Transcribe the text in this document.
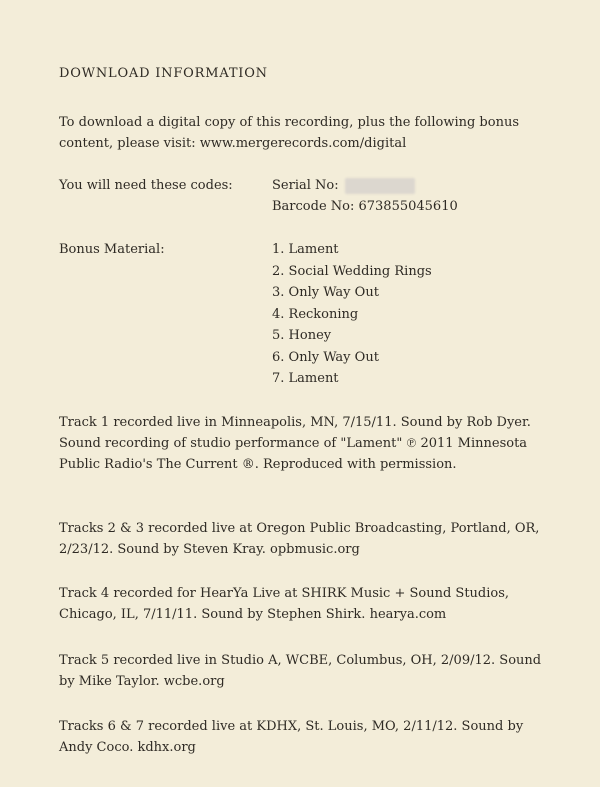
DOWNLOAD INFORMATION
To download a digital copy of this recording, plus the following bonus content, please visit: www.mergerecords.com/digital
You will need these codes:	Serial No:
Barcode No: 673855045610
Bonus Material:	1. Lament
2. Social Wedding Rings
3. Only Way Out
4. Reckoning
5. Honey
6. Only Way Out
7. Lament
Track 1 recorded live in Minneapolis, MN, 7/15/11. Sound by Rob Dyer. Sound recording of studio performance of "Lament" ℗ 2011 Minnesota Public Radio's The Current ®. Reproduced with permission.
Tracks 2 & 3 recorded live at Oregon Public Broadcasting, Portland, OR, 2/23/12. Sound by Steven Kray. opbmusic.org
Track 4 recorded for HearYa Live at SHIRK Music + Sound Studios, Chicago, IL, 7/11/11. Sound by Stephen Shirk. hearya.com
Track 5 recorded live in Studio A, WCBE, Columbus, OH, 2/09/12. Sound by Mike Taylor. wcbe.org
Tracks 6 & 7 recorded live at KDHX, St. Louis, MO, 2/11/12. Sound by Andy Coco. kdhx.org
